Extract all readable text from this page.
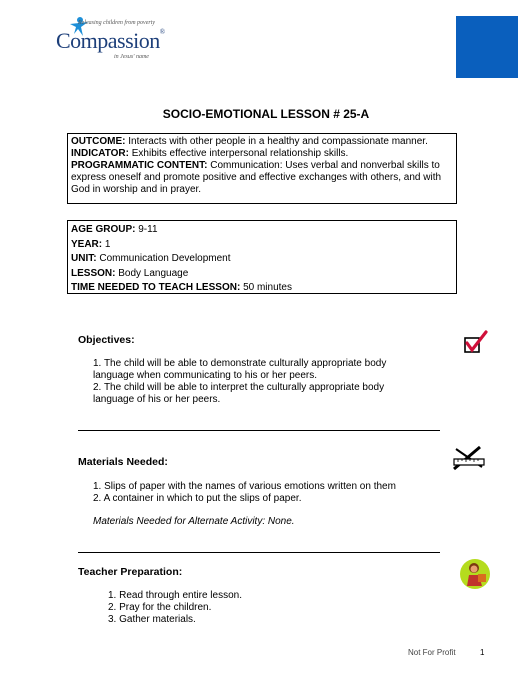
Releasing children from poverty
Compassion®
in Jesus' name
SOCIO-EMOTIONAL LESSON # 25-A

OUTCOME: Interacts with other people in a healthy and compassionate manner.

INDICATOR: Exhibits effective interpersonal relationship skills.

PROGRAMMATIC CONTENT: Communication: Uses verbal and nonverbal skills to express oneself and promote positive and effective exchanges with others, and with God in worship and in prayer.

AGE GROUP: 9-11

YEAR: 1

UNIT: Communication Development

LESSON: Body Language

TIME NEEDED TO TEACH LESSON: 50 minutes

Objectives:

1. The child will be able to demonstrate culturally appropriate body language when communicating to his or her peers.

2. The child will be able to interpret the culturally appropriate body language of his or her peers.

Materials Needed:

1. Slips of paper with the names of various emotions written on them

2. A container in which to put the slips of paper.

Materials Needed for Alternate Activity: None.
Teacher Preparation:

1. Read through entire lesson.

2. Pray for the children.

3. Gather materials.

Not For Profit	1
